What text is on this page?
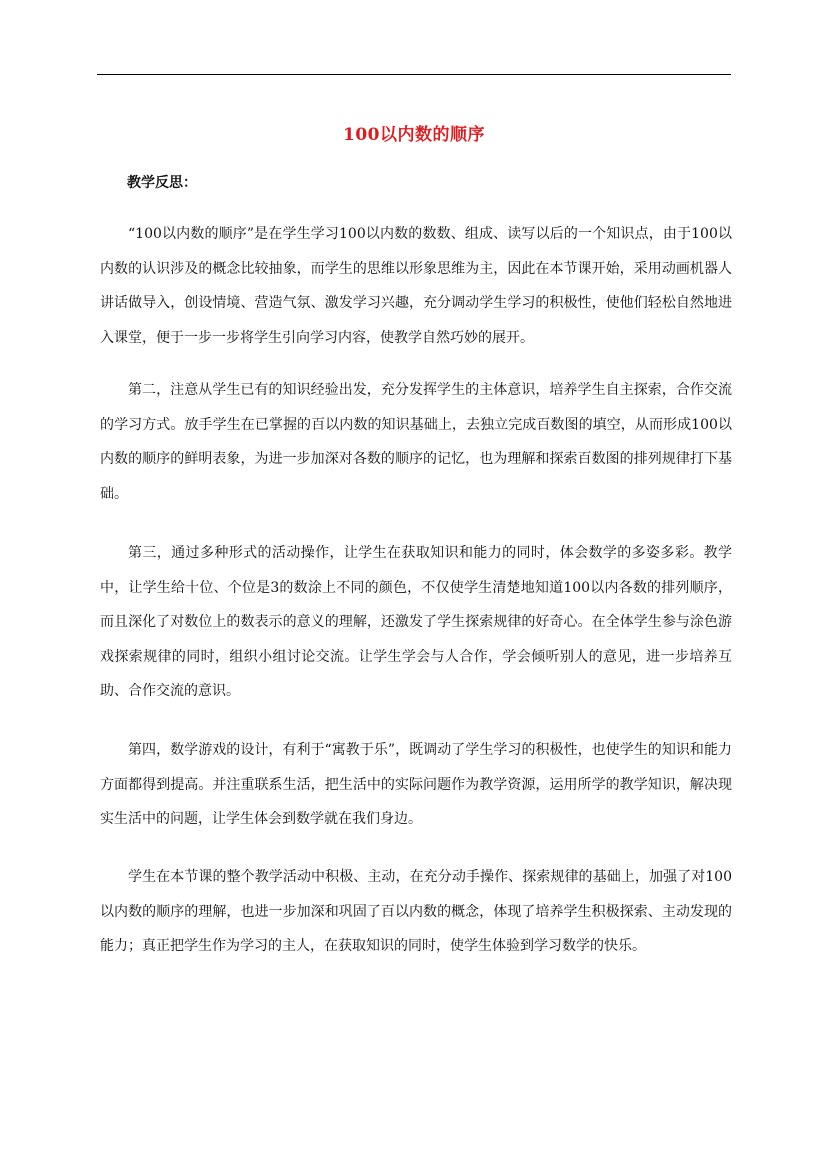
100以内数的顺序
教学反思：

“100以内数的顺序”是在学生学习100以内数的数数、组成、读写以后的一个知识点，由于100以内数的认识涉及的概念比较抽象，而学生的思维以形象思维为主，因此在本节课开始，采用动画机器人讲话做导入，创设情境、营造气氛、激发学习兴趣，充分调动学生学习的积极性，使他们轻松自然地进入课堂，便于一步一步将学生引向学习内容，使教学自然巧妙的展开。

第二，注意从学生已有的知识经验出发，充分发挥学生的主体意识，培养学生自主探索，合作交流的学习方式。放手学生在已掌握的百以内数的知识基础上，去独立完成百数图的填空，从而形成100以内数的顺序的鲜明表象，为进一步加深对各数的顺序的记忆，也为理解和探索百数图的排列规律打下基础。

第三，通过多种形式的活动操作，让学生在获取知识和能力的同时，体会数学的多姿多彩。教学中，让学生给十位、个位是3的数涂上不同的颜色，不仅使学生清楚地知道100以内各数的排列顺序，而且深化了对数位上的数表示的意义的理解，还激发了学生探索规律的好奇心。在全体学生参与涂色游戏探索规律的同时，组织小组讨论交流。让学生学会与人合作，学会倾听别人的意见，进一步培养互助、合作交流的意识。

第四，数学游戏的设计，有利于“寓教于乐”，既调动了学生学习的积极性，也使学生的知识和能力方面都得到提高。并注重联系生活，把生活中的实际问题作为教学资源，运用所学的教学知识，解决现实生活中的问题，让学生体会到数学就在我们身边。

学生在本节课的整个教学活动中积极、主动，在充分动手操作、探索规律的基础上，加强了对100以内数的顺序的理解，也进一步加深和巩固了百以内数的概念，体现了培养学生积极探索、主动发现的能力；真正把学生作为学习的主人，在获取知识的同时，使学生体验到学习数学的快乐。
